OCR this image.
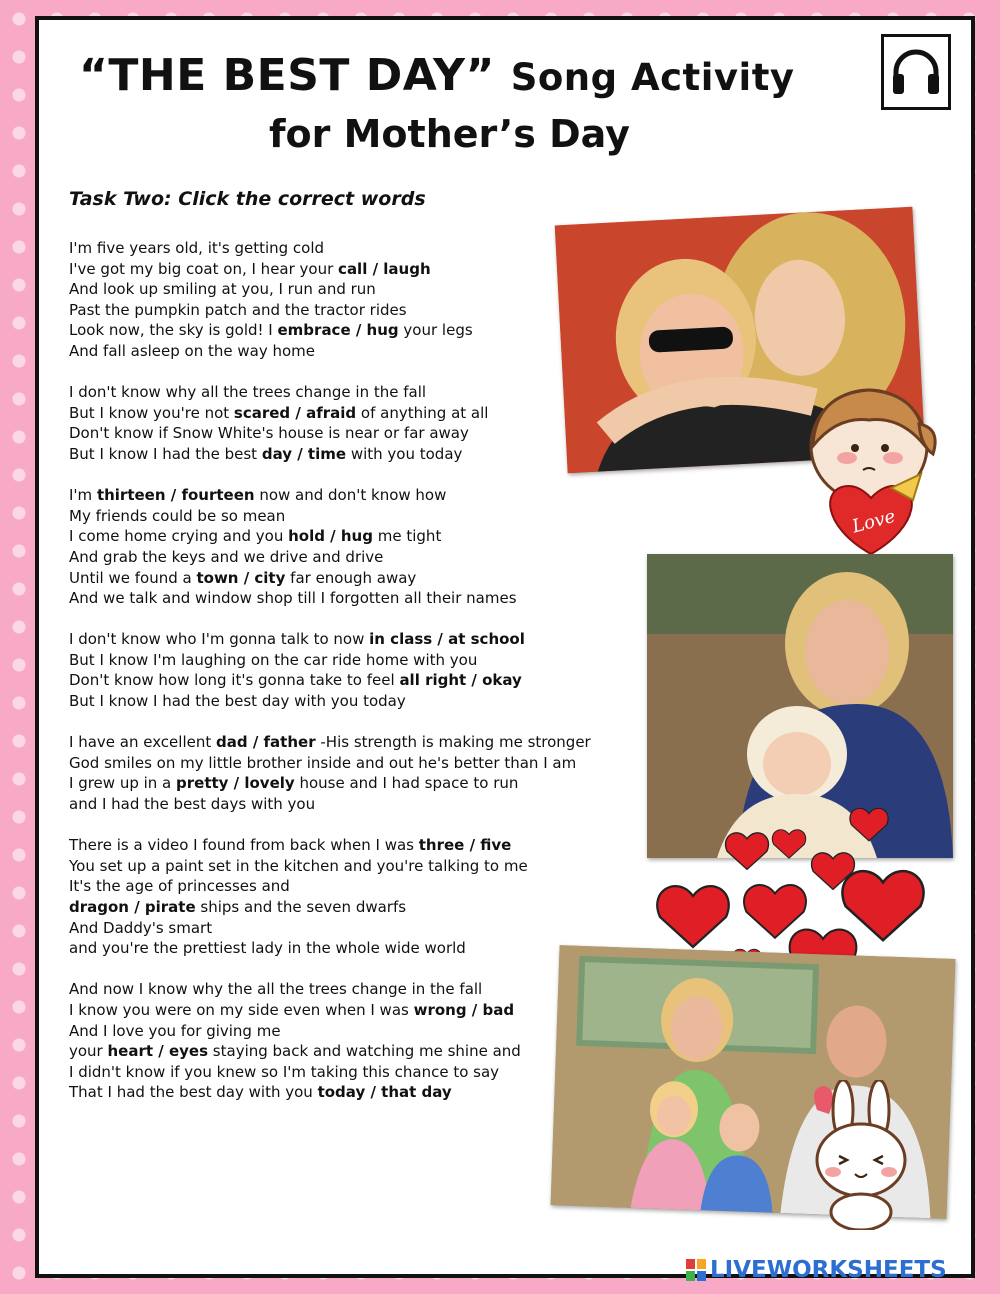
“THE BEST DAY” Song Activity
for Mother’s Day
Task Two: Click the correct words

I'm five years old, it's getting cold
I've got my big coat on, I hear your call / laugh
And look up smiling at you, I run and run
Past the pumpkin patch and the tractor rides
Look now, the sky is gold! I embrace / hug your legs
And fall asleep on the way home

I don't know why all the trees change in the fall
But I know you're not scared / afraid of anything at all
Don't know if Snow White's house is near or far away
But I know I had the best day / time with you today

I'm thirteen / fourteen now and don't know how
My friends could be so mean
I come home crying and you hold / hug me tight
And grab the keys and we drive and drive
Until we found a town / city far enough away
And we talk and window shop till I forgotten all their names

I don't know who I'm gonna talk to now in class / at school
But I know I'm laughing on the car ride home with you
Don't know how long it's gonna take to feel all right / okay
But I know I had the best day with you today

I have an excellent dad / father -His strength is making me stronger
God smiles on my little brother inside and out he's better than I am
I grew up in a pretty / lovely house and I had space to run
and I had the best days with you

There is a video I found from back when I was three / five
You set up a paint set in the kitchen and you're talking to me
It's the age of princesses and
dragon / pirate ships and the seven dwarfs
And Daddy's smart
and you're the prettiest lady in the whole wide world

And now I know why the all the trees change in the fall
I know you were on my side even when I was wrong / bad
And I love you for giving me
your heart / eyes staying back and watching me shine and
I didn't know if you knew so I'm taking this chance to say
That I had the best day with you today / that day

Love
LIVEWORKSHEETS
